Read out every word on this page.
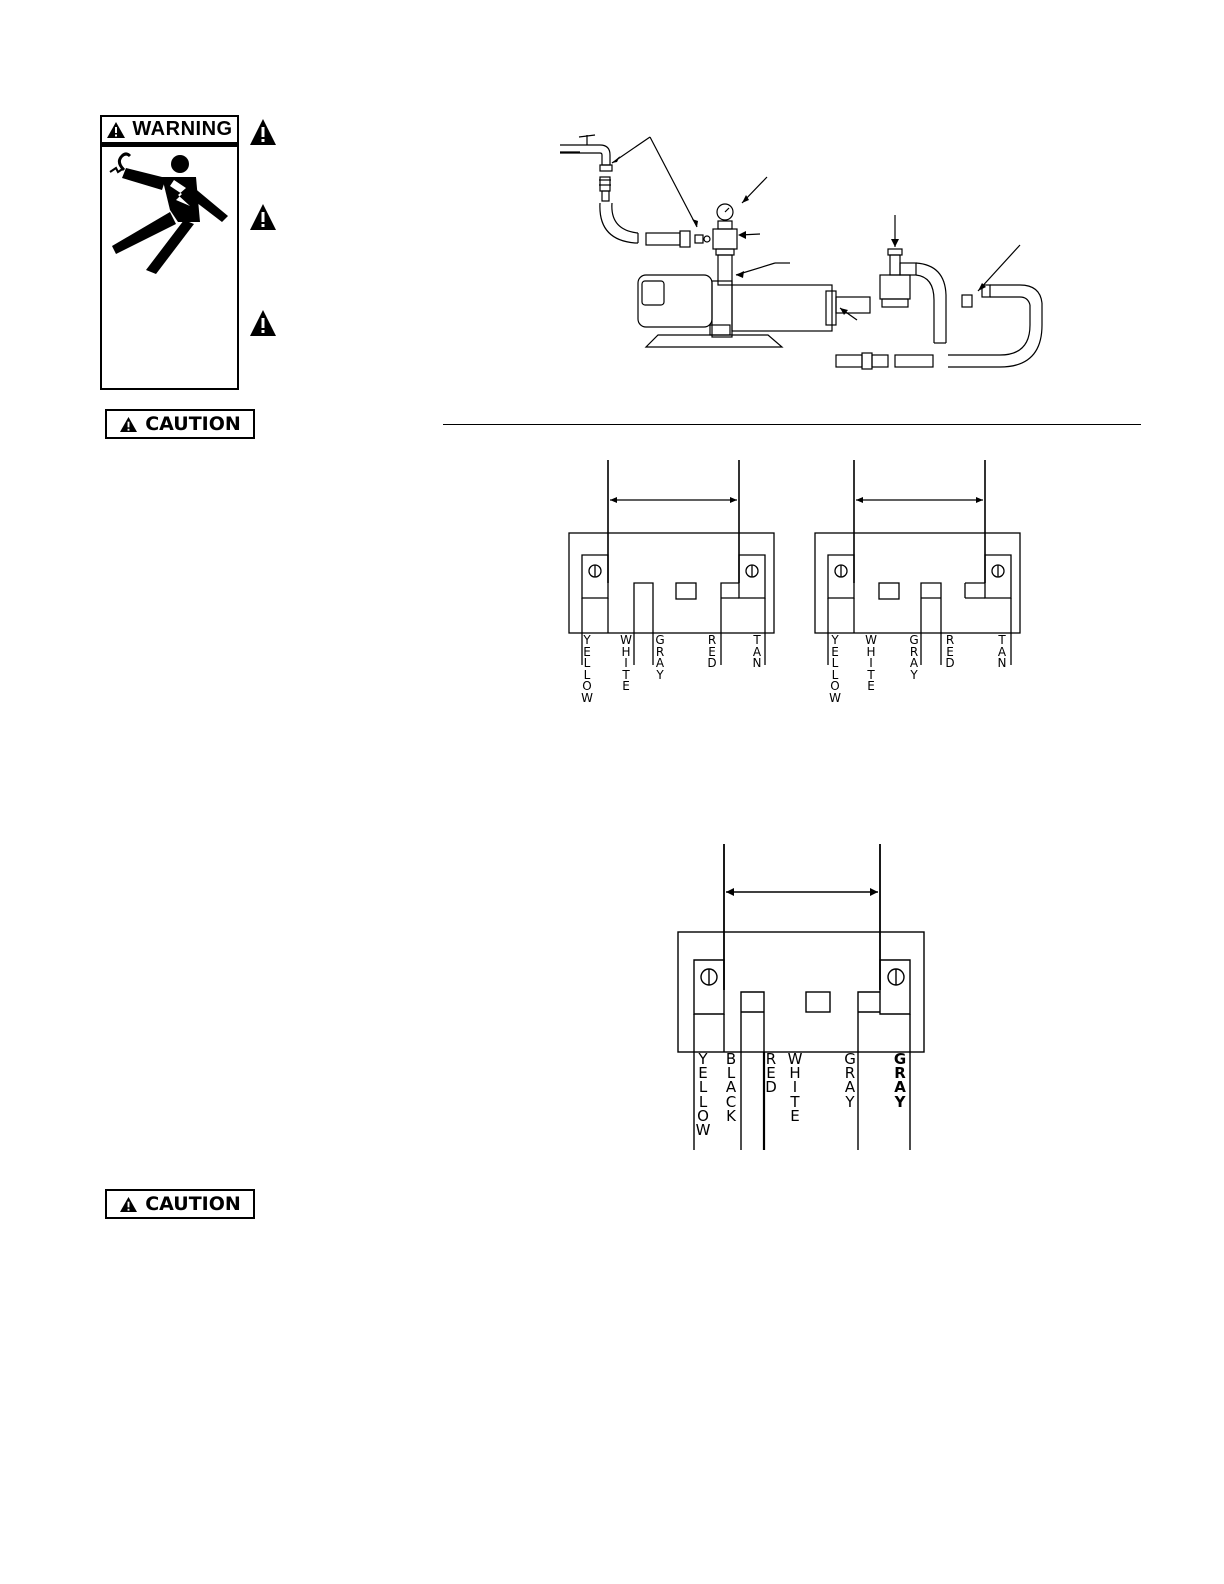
WARNING
CAUTION
CAUTION
Y
E
L
L
O
W
W
H
I
T
E
G
R
A
Y
R
E
D
T
A
N
Y
E
L
L
O
W
W
H
I
T
E
G
R
A
Y
R
E
D
T
A
N
Y
E
L
L
O
W
B
L
A
C
K
R
E
D
W
H
I
T
E
G
R
A
Y
G
R
A
Y
